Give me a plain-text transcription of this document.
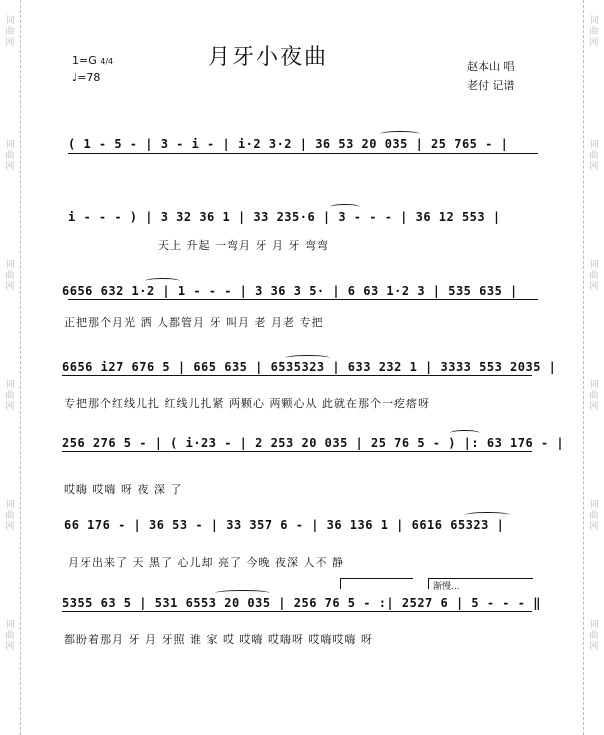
词
曲
网
词
曲
网
词
曲
网
词
曲
网
词
曲
网
词
曲
网
词
曲
网
词
曲
网
词
曲
网
词
曲
网
词
曲
网
词
曲
网
1=G 4/4
♩=78
月牙小夜曲	赵本山 唱
老付 记谱
( 1 - 5 - | 3 - i - | i·2 3·2 | 36 53 20 035 | 25 765 - |
i - - - ) | 3 32 36 1 | 33 235·6 | 3 - - - | 36 12 553 |
天上 升起 一弯月 牙 月 牙 弯弯
6656 632 1·2 | 1 - - - | 3 36 3 5· | 6 63 1·2 3 | 535 635 |
正把那个月光 洒 人都管月 牙 叫月 老 月老 专把
6656 i27 676 5 | 665 635 | 6535323 | 633 232 1 | 3333 553 2035 |
专把那个红线儿扎 红线儿扎紧 两颗心 两颗心从 此就在那个一疙瘩呀
256 276 5 - | ( i·23 - | 2 253 20 035 | 25 76 5 - ) |: 63 176 - |
哎嗨 哎嗨 呀 夜 深 了
66 176 - | 36 53 - | 33 357 6 - | 36 136 1 | 6616 65323 |
月牙出来了 天 黑了 心儿却 亮了 今晚 夜深 人不 静
渐慢...
5355 63 5 | 531 6553 20 035 | 256 76 5 - :| 2527 6 | 5 - - - ‖
都盼着那月 牙 月 牙照 谁 家 哎 哎嗨 哎嗨呀 哎嗨哎嗨 呀
